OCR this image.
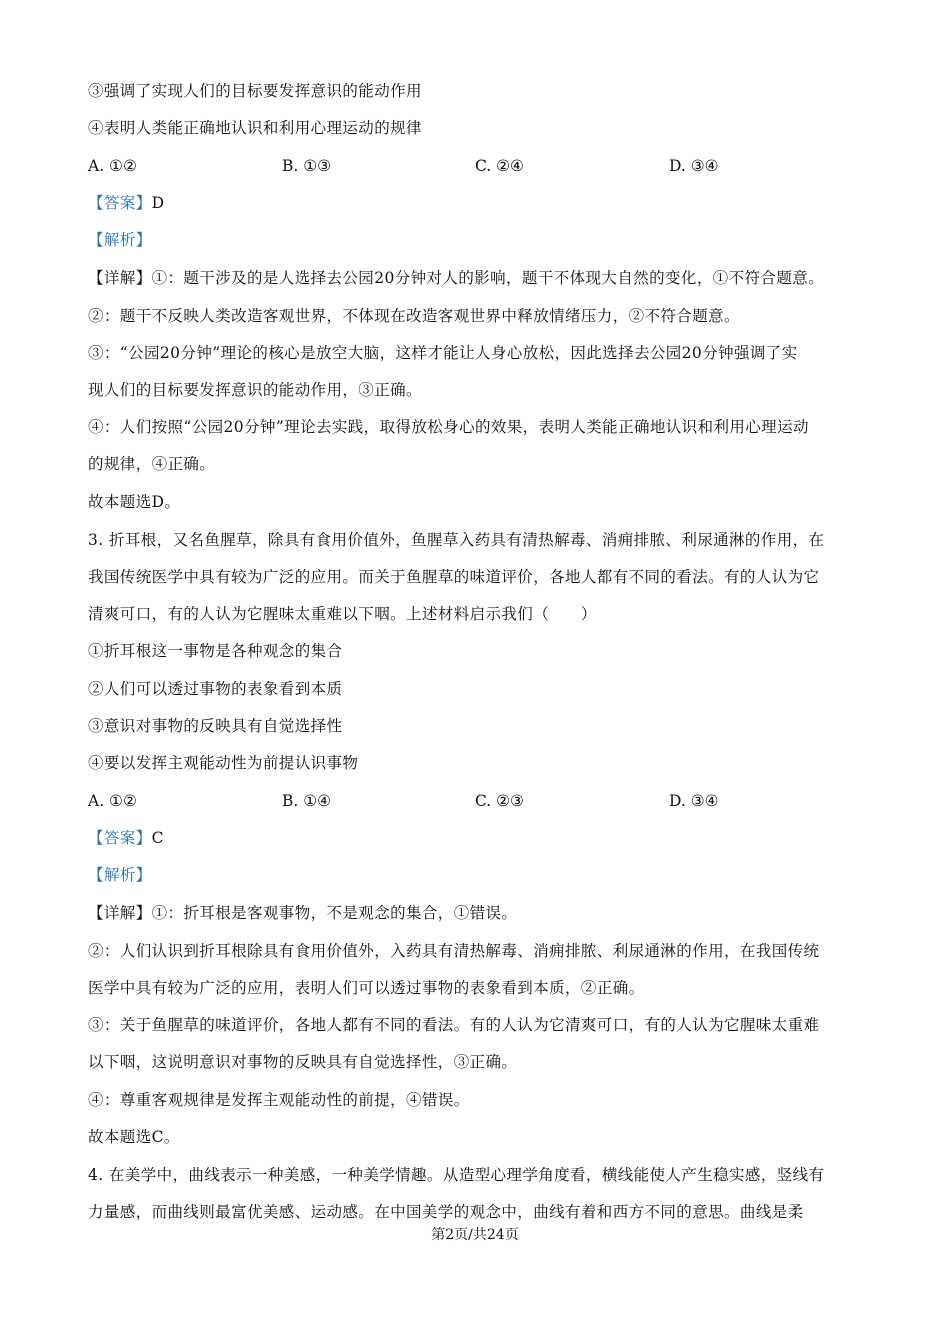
③强调了实现人们的目标要发挥意识的能动作用
④表明人类能正确地认识和利用心理运动的规律
A. ①②	B. ①③	C. ②④	D. ③④
【答案】D
【解析】
【详解】①：题干涉及的是人选择去公园20分钟对人的影响，题干不体现大自然的变化，①不符合题意。
②：题干不反映人类改造客观世界，不体现在改造客观世界中释放情绪压力，②不符合题意。
③：“公园20分钟”理论的核心是放空大脑，这样才能让人身心放松，因此选择去公园20分钟强调了实
现人们的目标要发挥意识的能动作用，③正确。
④：人们按照“公园20分钟”理论去实践，取得放松身心的效果，表明人类能正确地认识和利用心理运动
的规律，④正确。
故本题选D。
3. 折耳根，又名鱼腥草，除具有食用价值外，鱼腥草入药具有清热解毒、消痈排脓、利尿通淋的作用，在
我国传统医学中具有较为广泛的应用。而关于鱼腥草的味道评价，各地人都有不同的看法。有的人认为它
清爽可口，有的人认为它腥味太重难以下咽。上述材料启示我们（　　）
①折耳根这一事物是各种观念的集合
②人们可以透过事物的表象看到本质
③意识对事物的反映具有自觉选择性
④要以发挥主观能动性为前提认识事物
A. ①②	B. ①④	C. ②③	D. ③④
【答案】C
【解析】
【详解】①：折耳根是客观事物，不是观念的集合，①错误。
②：人们认识到折耳根除具有食用价值外，入药具有清热解毒、消痈排脓、利尿通淋的作用，在我国传统
医学中具有较为广泛的应用，表明人们可以透过事物的表象看到本质，②正确。
③：关于鱼腥草的味道评价，各地人都有不同的看法。有的人认为它清爽可口，有的人认为它腥味太重难
以下咽，这说明意识对事物的反映具有自觉选择性，③正确。
④：尊重客观规律是发挥主观能动性的前提，④错误。
故本题选C。
4. 在美学中，曲线表示一种美感，一种美学情趣。从造型心理学角度看，横线能使人产生稳实感，竖线有
力量感，而曲线则最富优美感、运动感。在中国美学的观念中，曲线有着和西方不同的意思。曲线是柔
第2页/共24页
